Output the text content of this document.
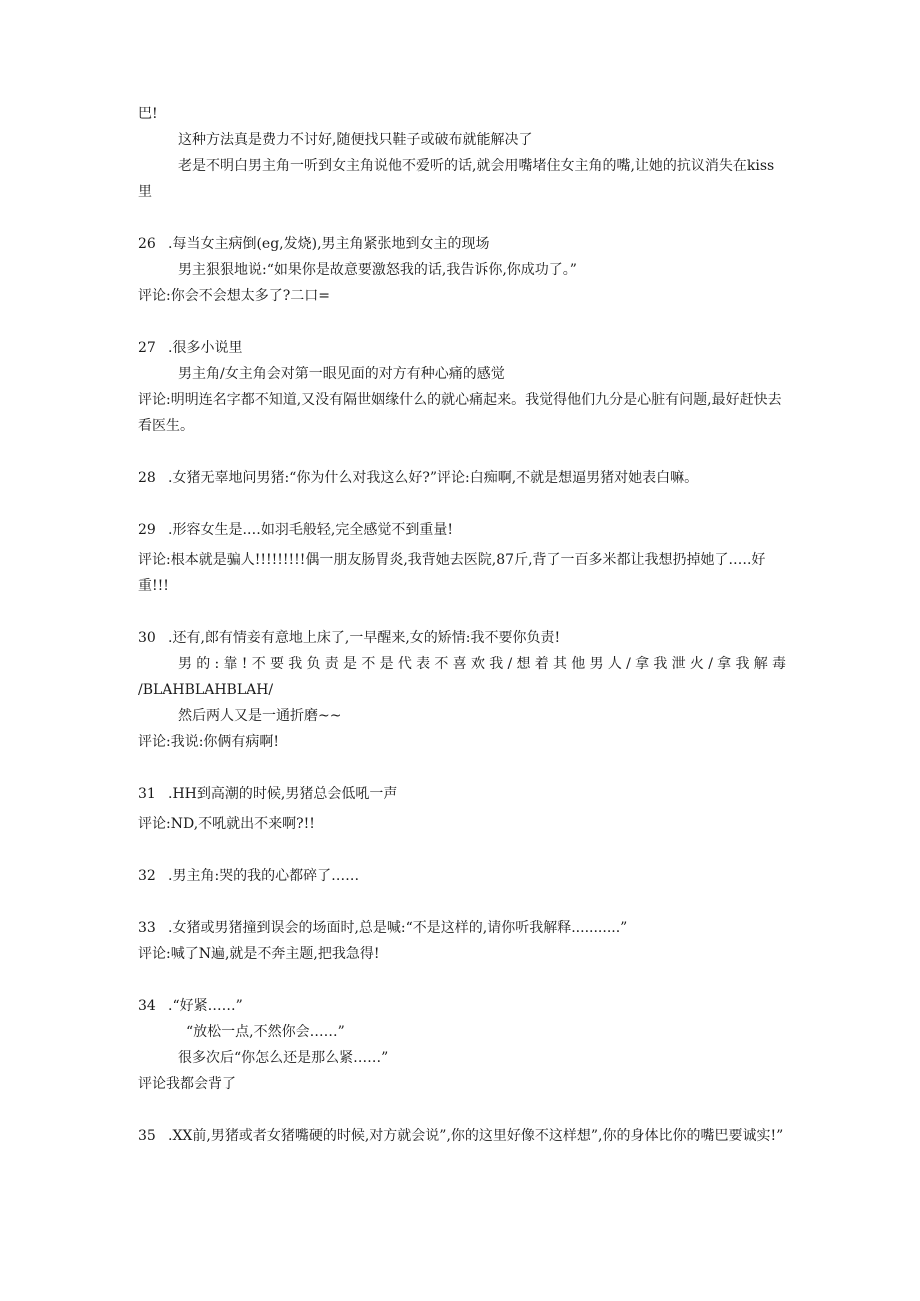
巴!
这种方法真是费力不讨好,随便找只鞋子或破布就能解决了
老是不明白男主角一听到女主角说他不爱听的话,就会用嘴堵住女主角的嘴,让她的抗议消失在kiss里
26 .每当女主病倒(eg,发烧),男主角紧张地到女主的现场
男主狠狠地说:“如果你是故意要激怒我的话,我告诉你,你成功了。”
评论:你会不会想太多了?二口=
27 .很多小说里
男主角/女主角会对第一眼见面的对方有种心痛的感觉
评论:明明连名字都不知道,又没有隔世姻缘什么的就心痛起来。我觉得他们九分是心脏有问题,最好赶快去看医生。
28 .女猪无辜地问男猪:“你为什么对我这么好?”评论:白痴啊,不就是想逼男猪对她表白嘛。
29 .形容女生是.…如羽毛般轻,完全感觉不到重量!
评论:根本就是骗人!!!!!!!!!偶一朋友肠胃炎,我背她去医院,87斤,背了一百多米都让我想扔掉她了.….好重!!!
30 .还有,郎有情妾有意地上床了,一早醒来,女的矫情:我不要你负责!
男的:靠!不要我负责是不是代表不喜欢我/想着其他男人/拿我泄火/拿我解毒
/BLAHBLAHBLAH/
然后两人又是一通折磨~~
评论:我说:你俩有病啊!
31 .HH到高潮的时候,男猪总会低吼一声
评论:ND,不吼就出不来啊?!!
32 .男主角:哭的我的心都碎了……
33 .女猪或男猪撞到误会的场面时,总是喊:“不是这样的,请你听我解释...........”
评论:喊了N遍,就是不奔主题,把我急得!
34 .“好紧……”
“放松一点,不然你会……”
很多次后“你怎么还是那么紧……”
评论我都会背了
35 .XX前,男猪或者女猪嘴硬的时候,对方就会说”,你的这里好像不这样想”,你的身体比你的嘴巴要诚实!”
